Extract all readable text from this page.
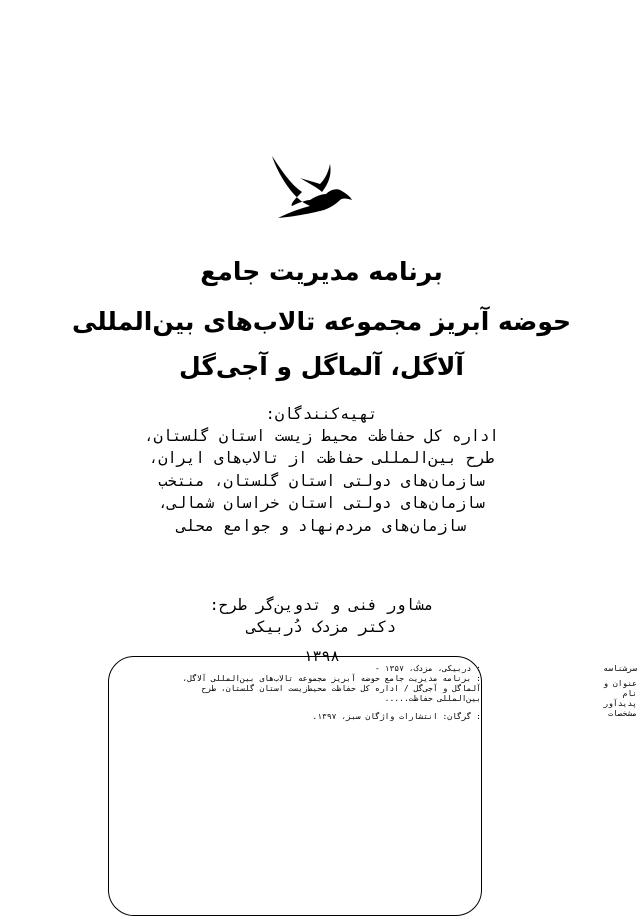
برنامه مدیریت جامع
حوضه آبریز مجموعه تالاب‌های بین‌المللی
آلاگل، آلماگل و آجی‌گل
تهیه‌کنندگان:
اداره کل حفاظت محیط زیست استان گلستان،
طرح بین‌المللی حفاظت از تالاب‌های ایران،
سازمان‌های دولتی استان گلستان، منتخب
سازمان‌های دولتی استان خراسان شمالی،
سازمان‌های مردم‌نهاد و جوامع محلی
مشاور فنی و تدوین‌گر طرح:
دکتر مزدک دُربیکی
۱۳۹۸
سرشناسه
عنوان و
نام
پدیدآور
مشخصات
: دربیکی، مزدک، ۱۳۵۷ -
: برنامه مدیریت جامع حوضه آبریز مجموعه تالاب‌های بین‌المللی آلاگل،
آلماگل و آجی‌گل / اداره کل حفاظت محیط‌زیست استان گلستان، طرح
بین‌المللی حفاظت.....
: گرگان: انتشارات واژگان سبز، ۱۳۹۷.
